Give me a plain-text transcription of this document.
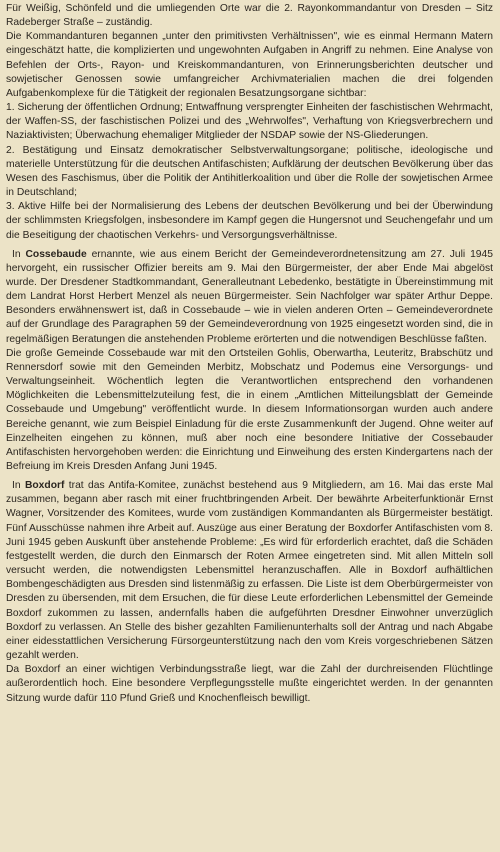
Für Weißig, Schönfeld und die umliegenden Orte war die 2. Rayonkommandantur von Dresden – Sitz Radeberger Straße – zuständig.

Die Kommandanturen begannen „unter den primitivsten Verhältnissen", wie es einmal Hermann Matern eingeschätzt hatte, die komplizierten und ungewohnten Aufgaben in Angriff zu nehmen. Eine Analyse von Befehlen der Orts-, Rayon- und Kreiskommandanturen, von Erinnerungsberichten deutscher und sowjetischer Genossen sowie umfangreicher Archivmaterialien machen die drei folgenden Aufgabenkomplexe für die Tätigkeit der regionalen Besatzungsorgane sichtbar:

1. Sicherung der öffentlichen Ordnung; Entwaffnung versprengter Einheiten der faschistischen Wehrmacht, der Waffen-SS, der faschistischen Polizei und des „Wehrwolfes", Verhaftung von Kriegsverbrechern und Naziaktivisten; Überwachung ehemaliger Mitglieder der NSDAP sowie der NS-Gliederungen.

2. Bestätigung und Einsatz demokratischer Selbstverwaltungsorgane; politische, ideologische und materielle Unterstützung für die deutschen Antifaschisten; Aufklärung der deutschen Bevölkerung über das Wesen des Faschismus, über die Politik der Antihitlerkoalition und über die Rolle der sowjetischen Armee in Deutschland;

3. Aktive Hilfe bei der Normalisierung des Lebens der deutschen Bevölkerung und bei der Überwindung der schlimmsten Kriegsfolgen, insbesondere im Kampf gegen die Hungersnot und Seuchengefahr und um die Beseitigung der chaotischen Verkehrs- und Versorgungsverhältnisse.

In Cossebaude ernannte, wie aus einem Bericht der Gemeindeverordnetensitzung am 27. Juli 1945 hervorgeht, ein russischer Offizier bereits am 9. Mai den Bürgermeister, der aber Ende Mai abgelöst wurde. Der Dresdener Stadtkommandant, Generalleutnant Lebedenko, bestätigte in Übereinstimmung mit dem Landrat Horst Herbert Menzel als neuen Bürgermeister. Sein Nachfolger war später Arthur Deppe. Besonders erwähnenswert ist, daß in Cossebaude – wie in vielen anderen Orten – Gemeindeverordnete auf der Grundlage des Paragraphen 59 der Gemeindeverordnung von 1925 eingesetzt worden sind, die in regelmäßigen Beratungen die anstehenden Probleme erörterten und die notwendigen Beschlüsse faßten.

Die große Gemeinde Cossebaude war mit den Ortsteilen Gohlis, Oberwartha, Leuteritz, Brabschütz und Rennersdorf sowie mit den Gemeinden Merbitz, Mobschatz und Podemus eine Versorgungs- und Verwaltungseinheit. Wöchentlich legten die Verantwortlichen entsprechend den vorhandenen Möglichkeiten die Lebensmittelzuteilung fest, die in einem „Amtlichen Mitteilungsblatt der Gemeinde Cossebaude und Umgebung" veröffentlicht wurde. In diesem Informationsorgan wurden auch andere Bereiche genannt, wie zum Beispiel Einladung für die erste Zusammenkunft der Jugend. Ohne weiter auf Einzelheiten eingehen zu können, muß aber noch eine besondere Initiative der Cossebauder Antifaschisten hervorgehoben werden: die Einrichtung und Einweihung des ersten Kindergartens nach der Befreiung im Kreis Dresden Anfang Juni 1945.

In Boxdorf trat das Antifa-Komitee, zunächst bestehend aus 9 Mitgliedern, am 16. Mai das erste Mal zusammen, begann aber rasch mit einer fruchtbringenden Arbeit. Der bewährte Arbeiterfunktionär Ernst Wagner, Vorsitzender des Komitees, wurde vom zuständigen Kommandanten als Bürgermeister bestätigt. Fünf Ausschüsse nahmen ihre Arbeit auf. Auszüge aus einer Beratung der Boxdorfer Antifaschisten vom 8. Juni 1945 geben Auskunft über anstehende Probleme: „Es wird für erforderlich erachtet, daß die Schäden festgestellt werden, die durch den Einmarsch der Roten Armee eingetreten sind. Mit allen Mitteln soll versucht werden, die notwendigsten Lebensmittel heranzuschaffen. Alle in Boxdorf aufhältlichen Bombengeschädigten aus Dresden sind listenmäßig zu erfassen. Die Liste ist dem Oberbürgermeister von Dresden zu übersenden, mit dem Ersuchen, die für diese Leute erforderlichen Lebensmittel der Gemeinde Boxdorf zukommen zu lassen, andernfalls haben die aufgeführten Dresdner Einwohner unverzüglich Boxdorf zu verlassen. An Stelle des bisher gezahlten Familienunterhalts soll der Antrag und nach Abgabe einer eidesstattlichen Versicherung Fürsorgeunterstützung nach den vom Kreis vorgeschriebenen Sätzen gezahlt werden.

Da Boxdorf an einer wichtigen Verbindungsstraße liegt, war die Zahl der durchreisenden Flüchtlinge außerordentlich hoch. Eine besondere Verpflegungsstelle mußte eingerichtet werden. In der genannten Sitzung wurde dafür 110 Pfund Grieß und Knochenfleisch bewilligt.
